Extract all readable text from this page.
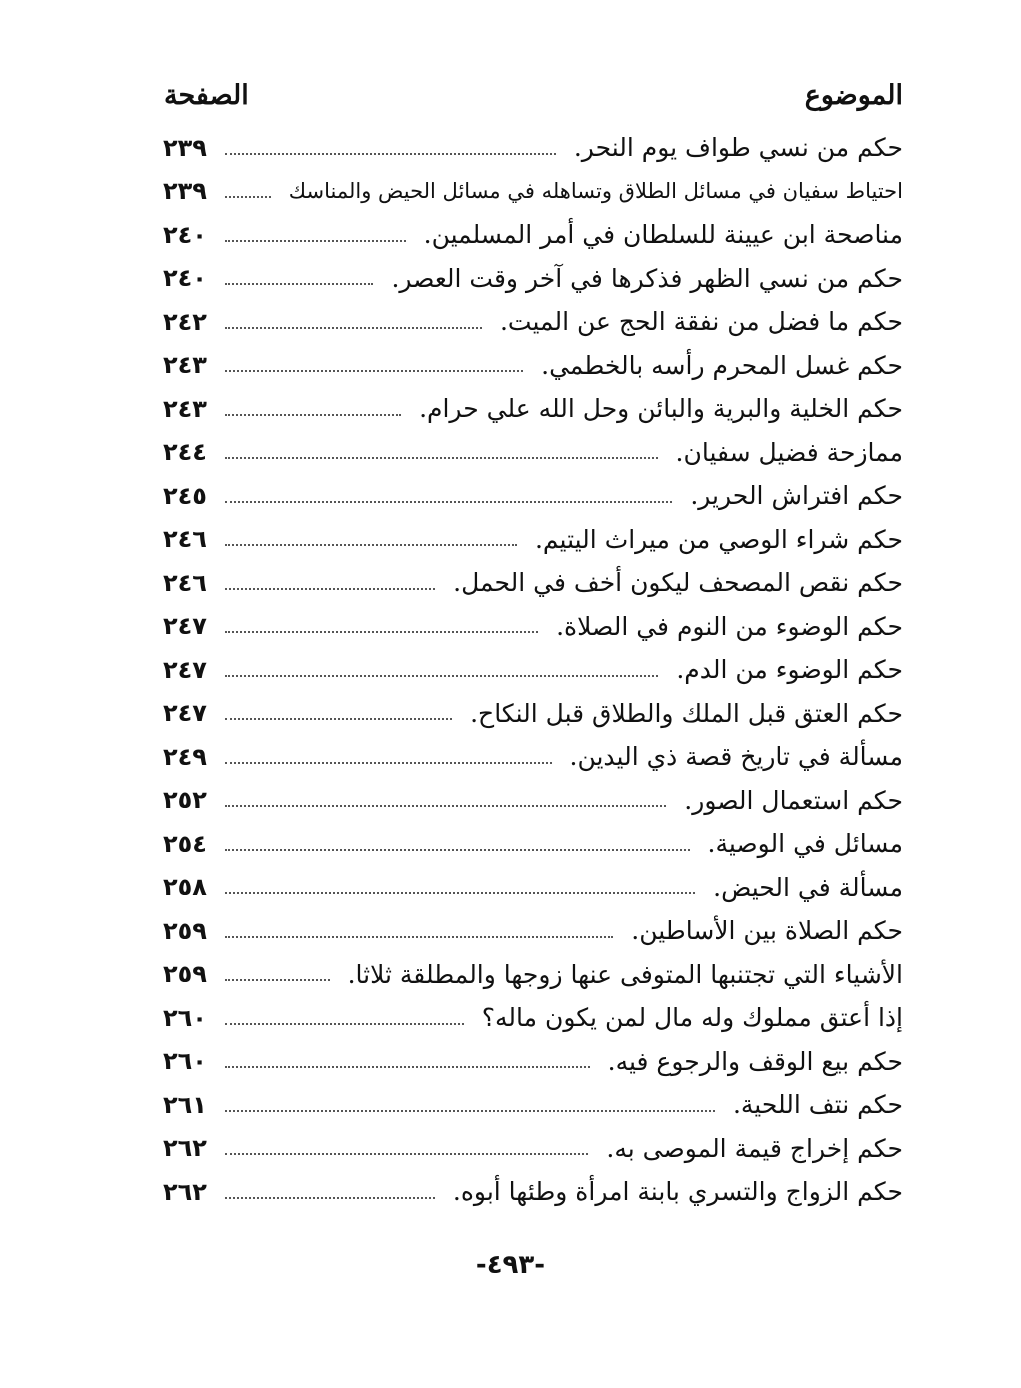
الموضوع
الصفحة
حكم من نسي طواف يوم النحر.
٢٣٩
احتياط سفيان في مسائل الطلاق وتساهله في مسائل الحيض والمناسك
٢٣٩
مناصحة ابن عيينة للسلطان في أمر المسلمين.
٢٤٠
حكم من نسي الظهر فذكرها في آخر وقت العصر.
٢٤٠
حكم ما فضل من نفقة الحج عن الميت.
٢٤٢
حكم غسل المحرم رأسه بالخطمي.
٢٤٣
حكم الخلية والبرية والبائن وحل الله علي حرام.
٢٤٣
ممازحة فضيل سفيان.
٢٤٤
حكم افتراش الحرير.
٢٤٥
حكم شراء الوصي من ميراث اليتيم.
٢٤٦
حكم نقص المصحف ليكون أخف في الحمل.
٢٤٦
حكم الوضوء من النوم في الصلاة.
٢٤٧
حكم الوضوء من الدم.
٢٤٧
حكم العتق قبل الملك والطلاق قبل النكاح.
٢٤٧
مسألة في تاريخ قصة ذي اليدين.
٢٤٩
حكم استعمال الصور.
٢٥٢
مسائل في الوصية.
٢٥٤
مسألة في الحيض.
٢٥٨
حكم الصلاة بين الأساطين.
٢٥٩
الأشياء التي تجتنبها المتوفى عنها زوجها والمطلقة ثلاثا.
٢٥٩
إذا أعتق مملوك وله مال لمن يكون ماله؟
٢٦٠
حكم بيع الوقف والرجوع فيه.
٢٦٠
حكم نتف اللحية.
٢٦١
حكم إخراج قيمة الموصى به.
٢٦٢
حكم الزواج والتسري بابنة امرأة وطئها أبوه.
٢٦٢
-٤٩٣-
